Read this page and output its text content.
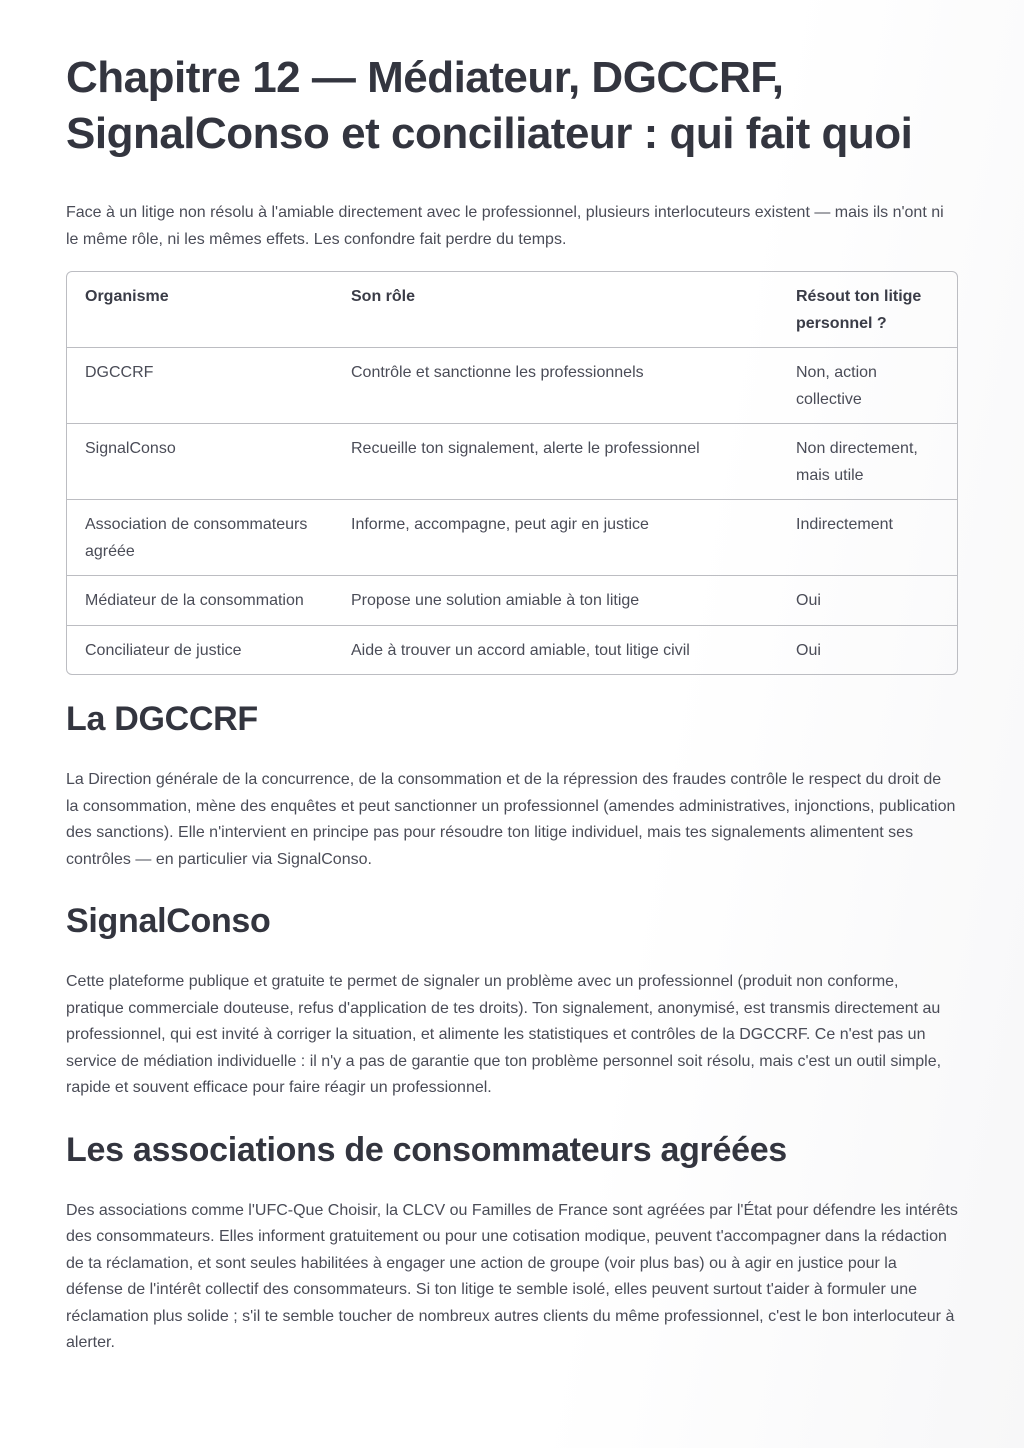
Chapitre 12 — Médiateur, DGCCRF, SignalConso et conciliateur : qui fait quoi

Face à un litige non résolu à l'amiable directement avec le professionnel, plusieurs interlocuteurs existent — mais ils n'ont ni le même rôle, ni les mêmes effets. Les confondre fait perdre du temps.

Organisme	Son rôle	Résout ton litige personnel ?
DGCCRF	Contrôle et sanctionne les professionnels	Non, action collective
SignalConso	Recueille ton signalement, alerte le professionnel	Non directement, mais utile
Association de consommateurs agréée	Informe, accompagne, peut agir en justice	Indirectement
Médiateur de la consommation	Propose une solution amiable à ton litige	Oui
Conciliateur de justice	Aide à trouver un accord amiable, tout litige civil	Oui
La DGCCRF

La Direction générale de la concurrence, de la consommation et de la répression des fraudes contrôle le respect du droit de la consommation, mène des enquêtes et peut sanctionner un professionnel (amendes administratives, injonctions, publication des sanctions). Elle n'intervient en principe pas pour résoudre ton litige individuel, mais tes signalements alimentent ses contrôles — en particulier via SignalConso.

SignalConso

Cette plateforme publique et gratuite te permet de signaler un problème avec un professionnel (produit non conforme, pratique commerciale douteuse, refus d'application de tes droits). Ton signalement, anonymisé, est transmis directement au professionnel, qui est invité à corriger la situation, et alimente les statistiques et contrôles de la DGCCRF. Ce n'est pas un service de médiation individuelle : il n'y a pas de garantie que ton problème personnel soit résolu, mais c'est un outil simple, rapide et souvent efficace pour faire réagir un professionnel.

Les associations de consommateurs agréées

Des associations comme l'UFC-Que Choisir, la CLCV ou Familles de France sont agréées par l'État pour défendre les intérêts des consommateurs. Elles informent gratuitement ou pour une cotisation modique, peuvent t'accompagner dans la rédaction de ta réclamation, et sont seules habilitées à engager une action de groupe (voir plus bas) ou à agir en justice pour la défense de l'intérêt collectif des consommateurs. Si ton litige te semble isolé, elles peuvent surtout t'aider à formuler une réclamation plus solide ; s'il te semble toucher de nombreux autres clients du même professionnel, c'est le bon interlocuteur à alerter.
